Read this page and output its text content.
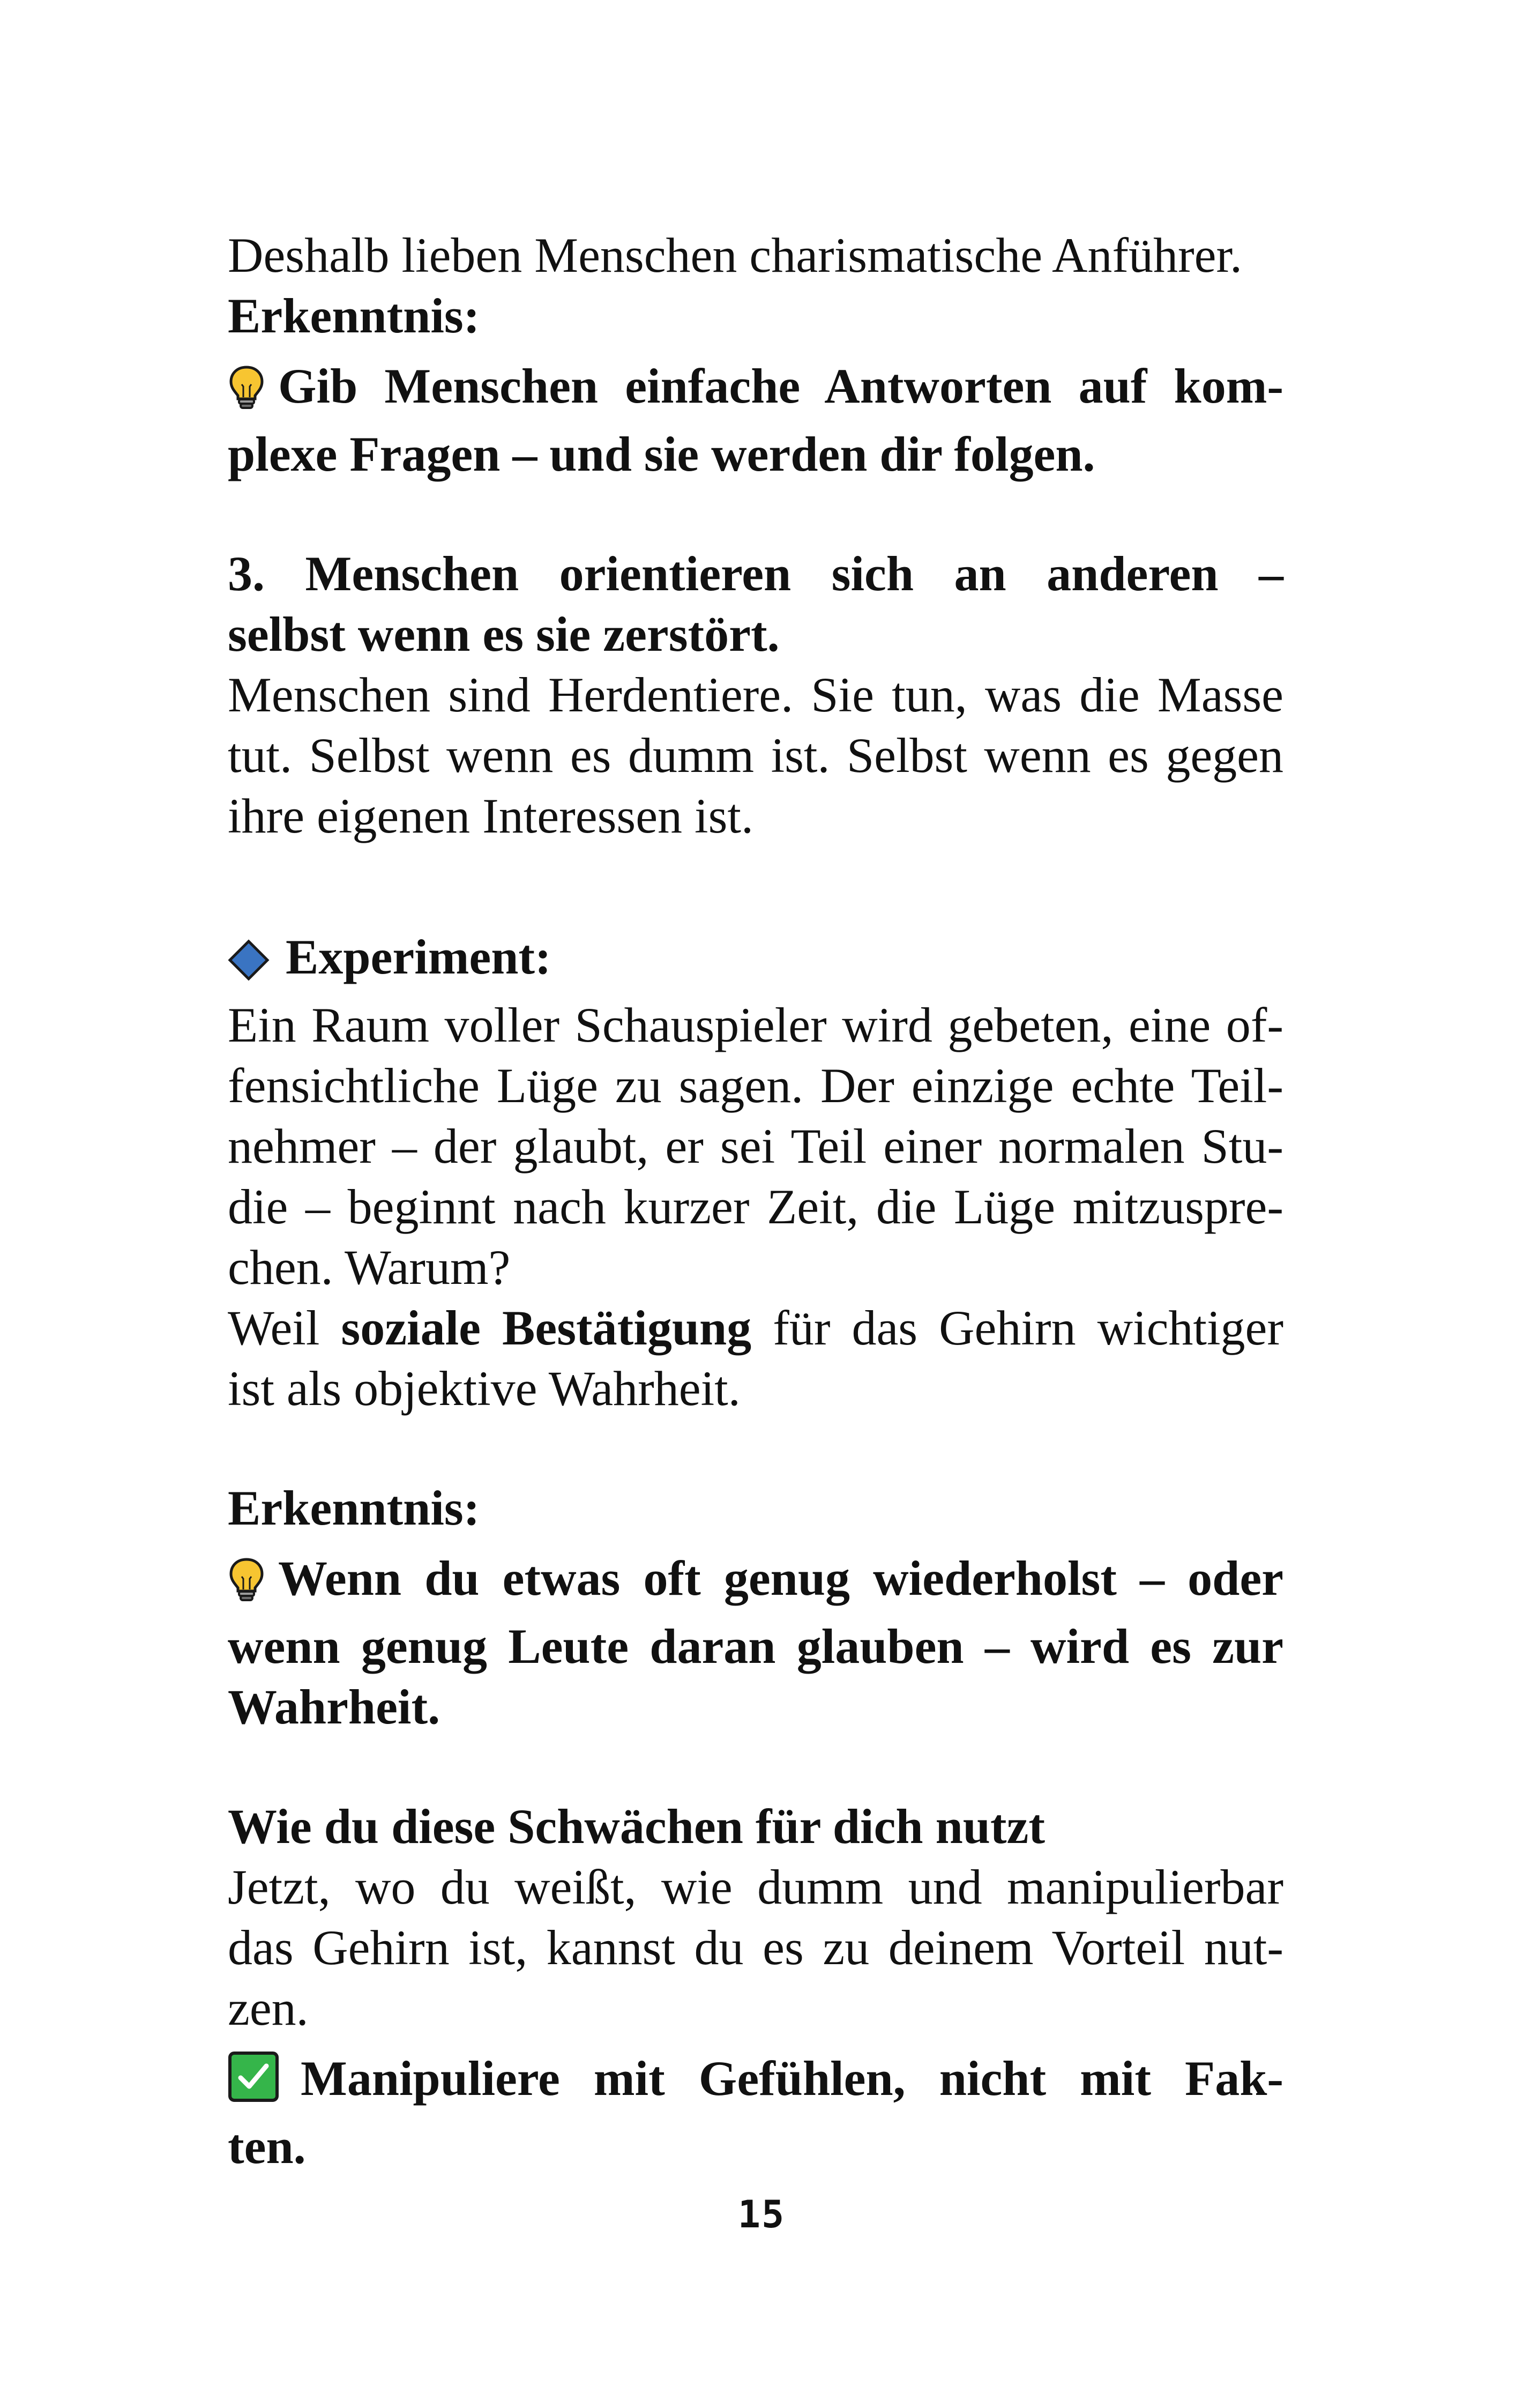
Deshalb lieben Menschen charismatische Anführer.

Erkenntnis:

Gib Menschen einfache Antworten auf kom-

plexe Fragen – und sie werden dir folgen.

3. Menschen orientieren sich an anderen –

selbst wenn es sie zerstört.

Menschen sind Herdentiere. Sie tun, was die Masse

tut. Selbst wenn es dumm ist. Selbst wenn es gegen

ihre eigenen Interessen ist.

Experiment:

Ein Raum voller Schauspieler wird gebeten, eine of-

fensichtliche Lüge zu sagen. Der einzige echte Teil-

nehmer – der glaubt, er sei Teil einer normalen Stu-

die – beginnt nach kurzer Zeit, die Lüge mitzuspre-

chen. Warum?

Weil soziale Bestätigung für das Gehirn wichtiger

ist als objektive Wahrheit.

Erkenntnis:

Wenn du etwas oft genug wiederholst – oder

wenn genug Leute daran glauben – wird es zur

Wahrheit.

Wie du diese Schwächen für dich nutzt

Jetzt, wo du weißt, wie dumm und manipulierbar

das Gehirn ist, kannst du es zu deinem Vorteil nut-

zen.

Manipuliere mit Gefühlen, nicht mit Fak-

ten.

15
